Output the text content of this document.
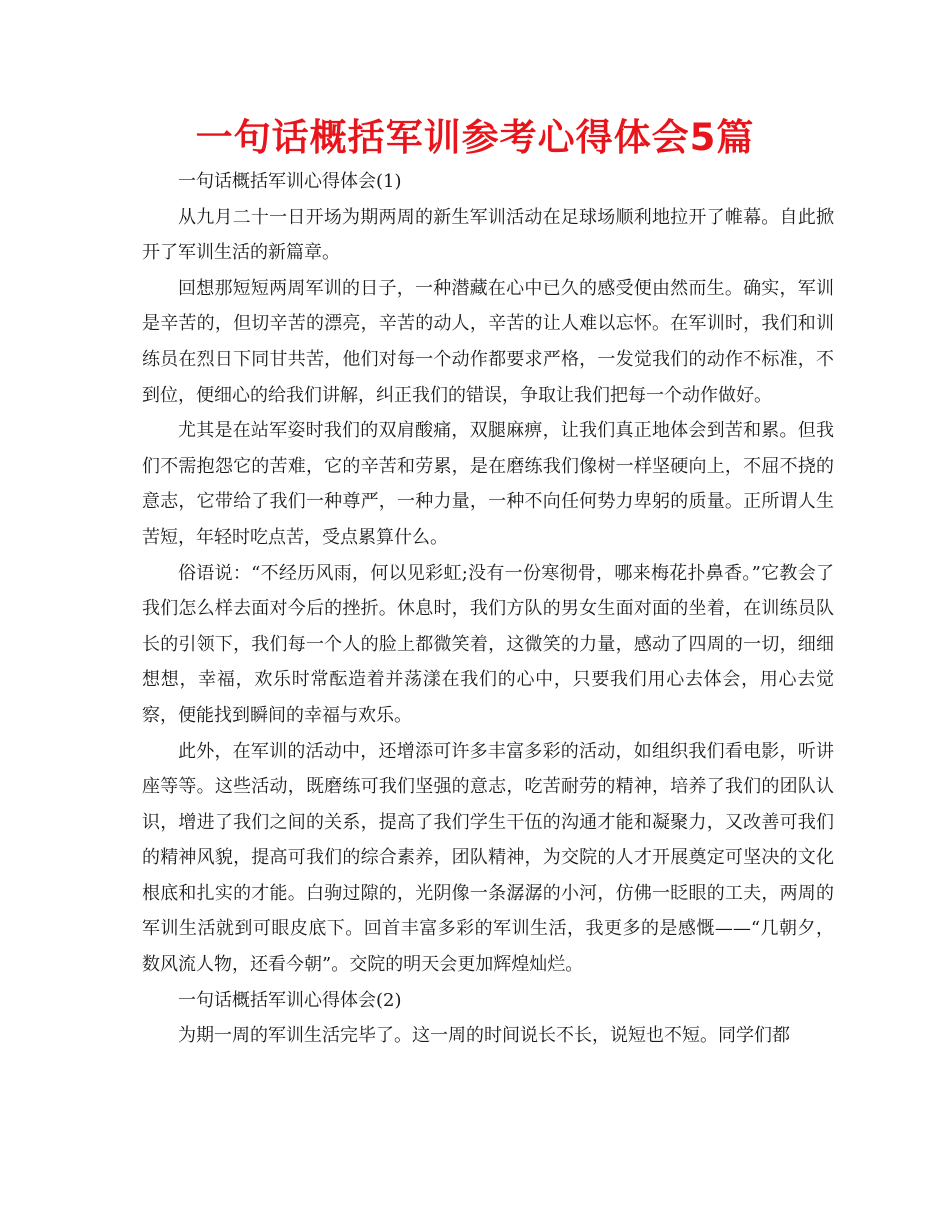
一句话概括军训参考心得体会5篇

一句话概括军训心得体会(1)

从九月二十一日开场为期两周的新生军训活动在足球场顺利地拉开了帷幕。自此掀开了军训生活的新篇章。

回想那短短两周军训的日子，一种潜藏在心中已久的感受便由然而生。确实，军训是辛苦的，但切辛苦的漂亮，辛苦的动人，辛苦的让人难以忘怀。在军训时，我们和训练员在烈日下同甘共苦，他们对每一个动作都要求严格，一发觉我们的动作不标准，不到位，便细心的给我们讲解，纠正我们的错误，争取让我们把每一个动作做好。

尤其是在站军姿时我们的双肩酸痛，双腿麻痹，让我们真正地体会到苦和累。但我们不需抱怨它的苦难，它的辛苦和劳累，是在磨练我们像树一样坚硬向上，不屈不挠的意志，它带给了我们一种尊严，一种力量，一种不向任何势力卑躬的质量。正所谓人生苦短，年轻时吃点苦，受点累算什么。

俗语说：“不经历风雨，何以见彩虹;没有一份寒彻骨，哪来梅花扑鼻香。”它教会了我们怎么样去面对今后的挫折。休息时，我们方队的男女生面对面的坐着，在训练员队长的引领下，我们每一个人的脸上都微笑着，这微笑的力量，感动了四周的一切，细细想想，幸福，欢乐时常酝造着并荡漾在我们的心中，只要我们用心去体会，用心去觉察，便能找到瞬间的幸福与欢乐。

此外，在军训的活动中，还增添可许多丰富多彩的活动，如组织我们看电影，听讲座等等。这些活动，既磨练可我们坚强的意志，吃苦耐劳的精神，培养了我们的团队认识，增进了我们之间的关系，提高了我们学生干伍的沟通才能和凝聚力，又改善可我们的精神风貌，提高可我们的综合素养，团队精神，为交院的人才开展奠定可坚决的文化根底和扎实的才能。白驹过隙的，光阴像一条潺潺的小河，仿佛一眨眼的工夫，两周的军训生活就到可眼皮底下。回首丰富多彩的军训生活，我更多的是感慨——“几朝夕，数风流人物，还看今朝”。交院的明天会更加辉煌灿烂。

一句话概括军训心得体会(2)

为期一周的军训生活完毕了。这一周的时间说长不长，说短也不短。同学们都
